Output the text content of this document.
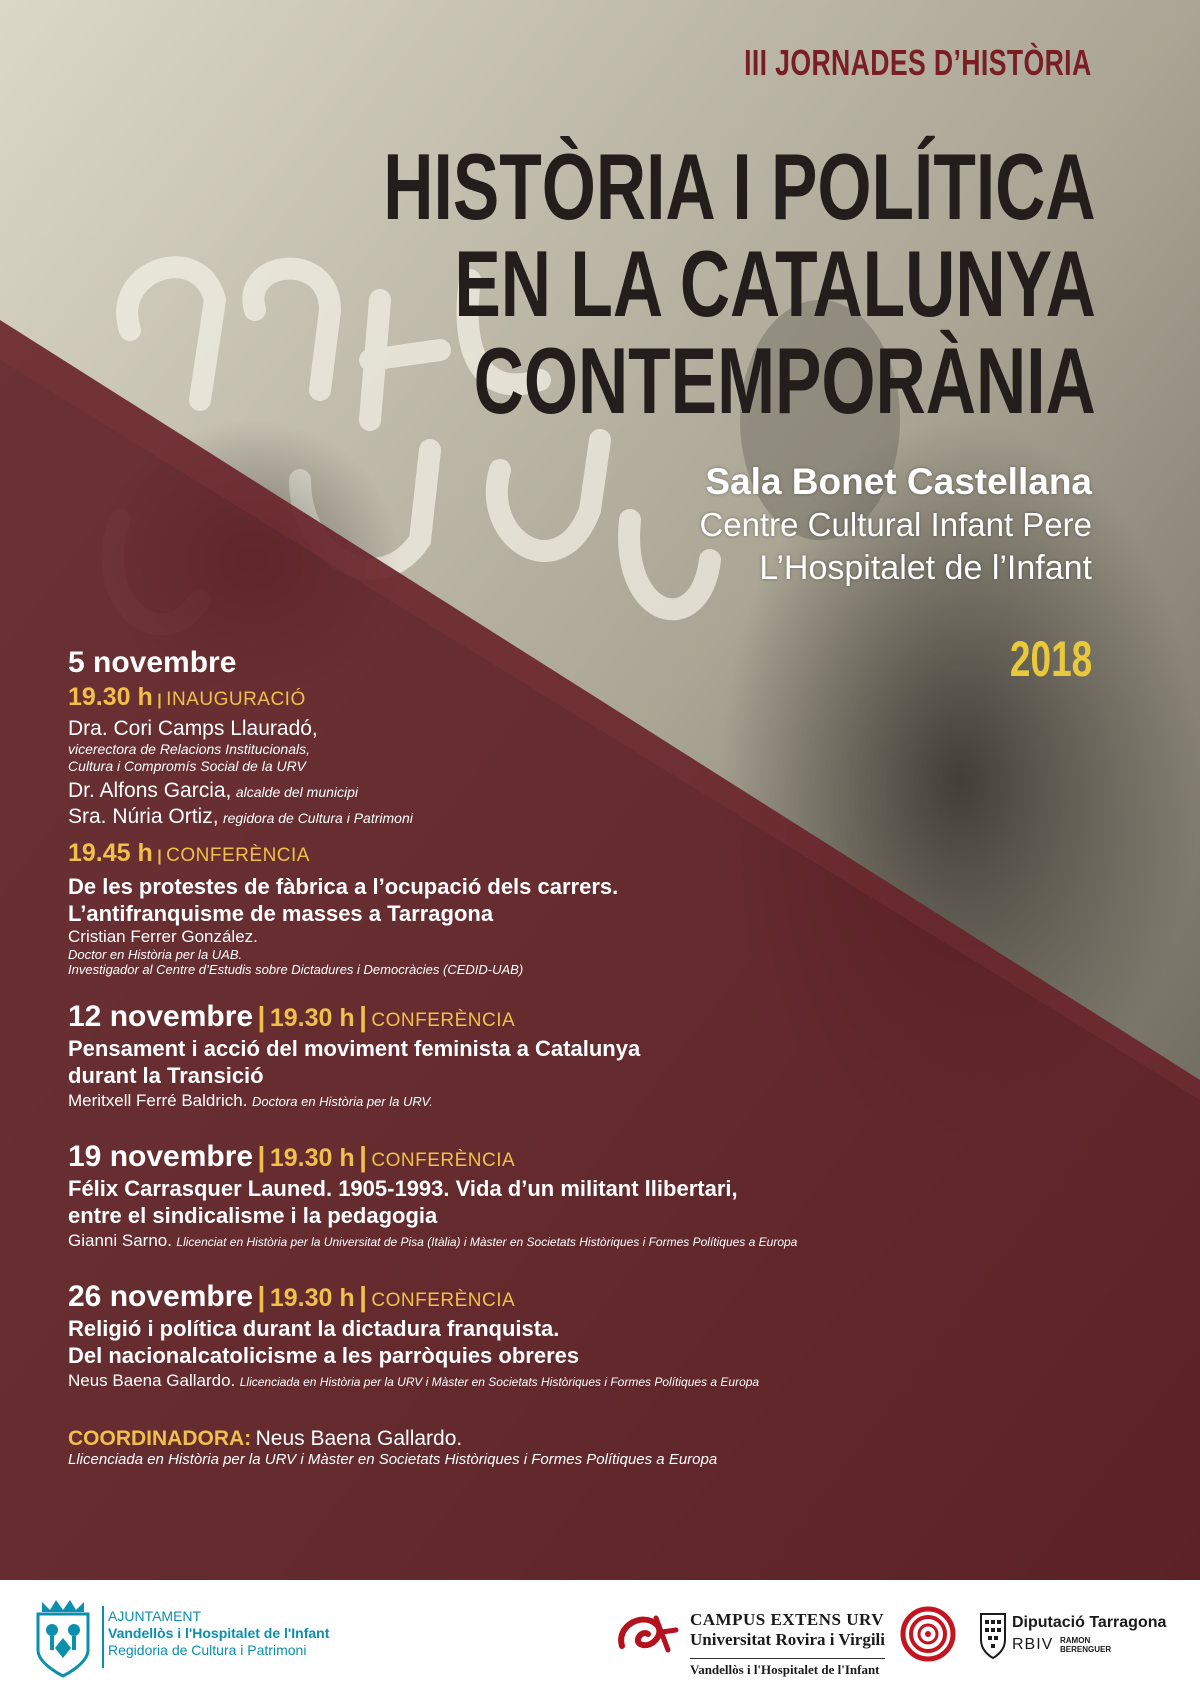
III JORNADES D’HISTÒRIA
HISTÒRIA I POLÍTICA
EN LA CATALUNYA
CONTEMPORÀNIA
Sala Bonet Castellana
Centre Cultural Infant Pere
L’Hospitalet de l’Infant
2018
5 novembre
19.30 h | INAUGURACIÓ
Dra. Cori Camps Llauradó,
vicerectora de Relacions Institucionals,
Cultura i Compromís Social de la URV
Dr. Alfons Garcia, alcalde del municipi
Sra. Núria Ortiz, regidora de Cultura i Patrimoni
19.45 h | CONFERÈNCIA
De les protestes de fàbrica a l’ocupació dels carrers.
L’antifranquisme de masses a Tarragona
Cristian Ferrer González.
Doctor en Història per la UAB.
Investigador al Centre d’Estudis sobre Dictadures i Democràcies (CEDID-UAB)
12 novembre | 19.30 h | CONFERÈNCIA
Pensament i acció del moviment feminista a Catalunya
durant la Transició
Meritxell Ferré Baldrich. Doctora en Història per la URV.
19 novembre | 19.30 h | CONFERÈNCIA
Félix Carrasquer Launed. 1905-1993. Vida d’un militant llibertari,
entre el sindicalisme i la pedagogia
Gianni Sarno. Llicenciat en Història per la Universitat de Pisa (Itàlia) i Màster en Societats Històriques i Formes Polítiques a Europa
26 novembre | 19.30 h | CONFERÈNCIA
Religió i política durant la dictadura franquista.
Del nacionalcatolicisme a les parròquies obreres
Neus Baena Gallardo. Llicenciada en Història per la URV i Màster en Societats Històriques i Formes Polítiques a Europa
COORDINADORA: Neus Baena Gallardo.
Llicenciada en Història per la URV i Màster en Societats Històriques i Formes Polítiques a Europa
AJUNTAMENT
Vandellòs i l'Hospitalet de l'Infant
Regidoria de Cultura i Patrimoni
CAMPUS EXTENS URV
Universitat Rovira i Virgili
Vandellòs i l'Hospitalet de l'Infant
Diputació Tarragona
RBIV RAMON
BERENGUER
